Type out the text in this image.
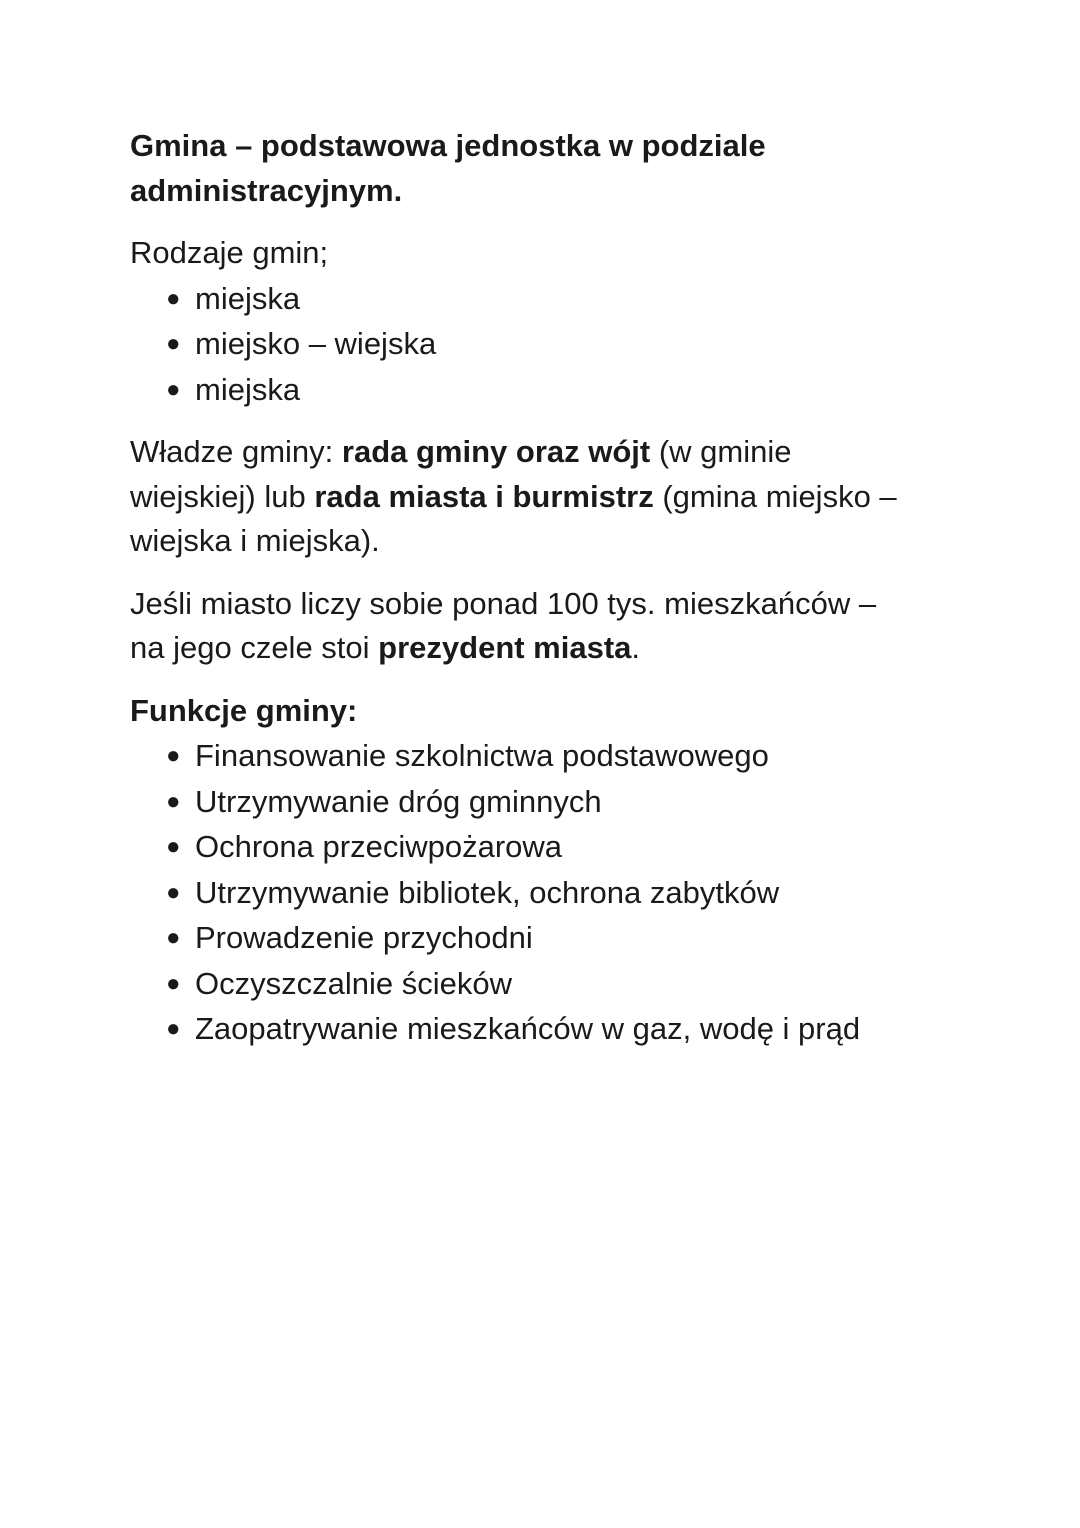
Gmina – podstawowa jednostka w podziale
administracyjnym.

Rodzaje gmin;

● miejska
● miejsko – wiejska
● miejska

Władze gminy: rada gminy oraz wójt (w gminie
wiejskiej) lub rada miasta i burmistrz (gmina miejsko –
wiejska i miejska).

Jeśli miasto liczy sobie ponad 100 tys. mieszkańców –
na jego czele stoi prezydent miasta.

Funkcje gminy:

● Finansowanie szkolnictwa podstawowego
● Utrzymywanie dróg gminnych
● Ochrona przeciwpożarowa
● Utrzymywanie bibliotek, ochrona zabytków
● Prowadzenie przychodni
● Oczyszczalnie ścieków
● Zaopatrywanie mieszkańców w gaz, wodę i prąd
